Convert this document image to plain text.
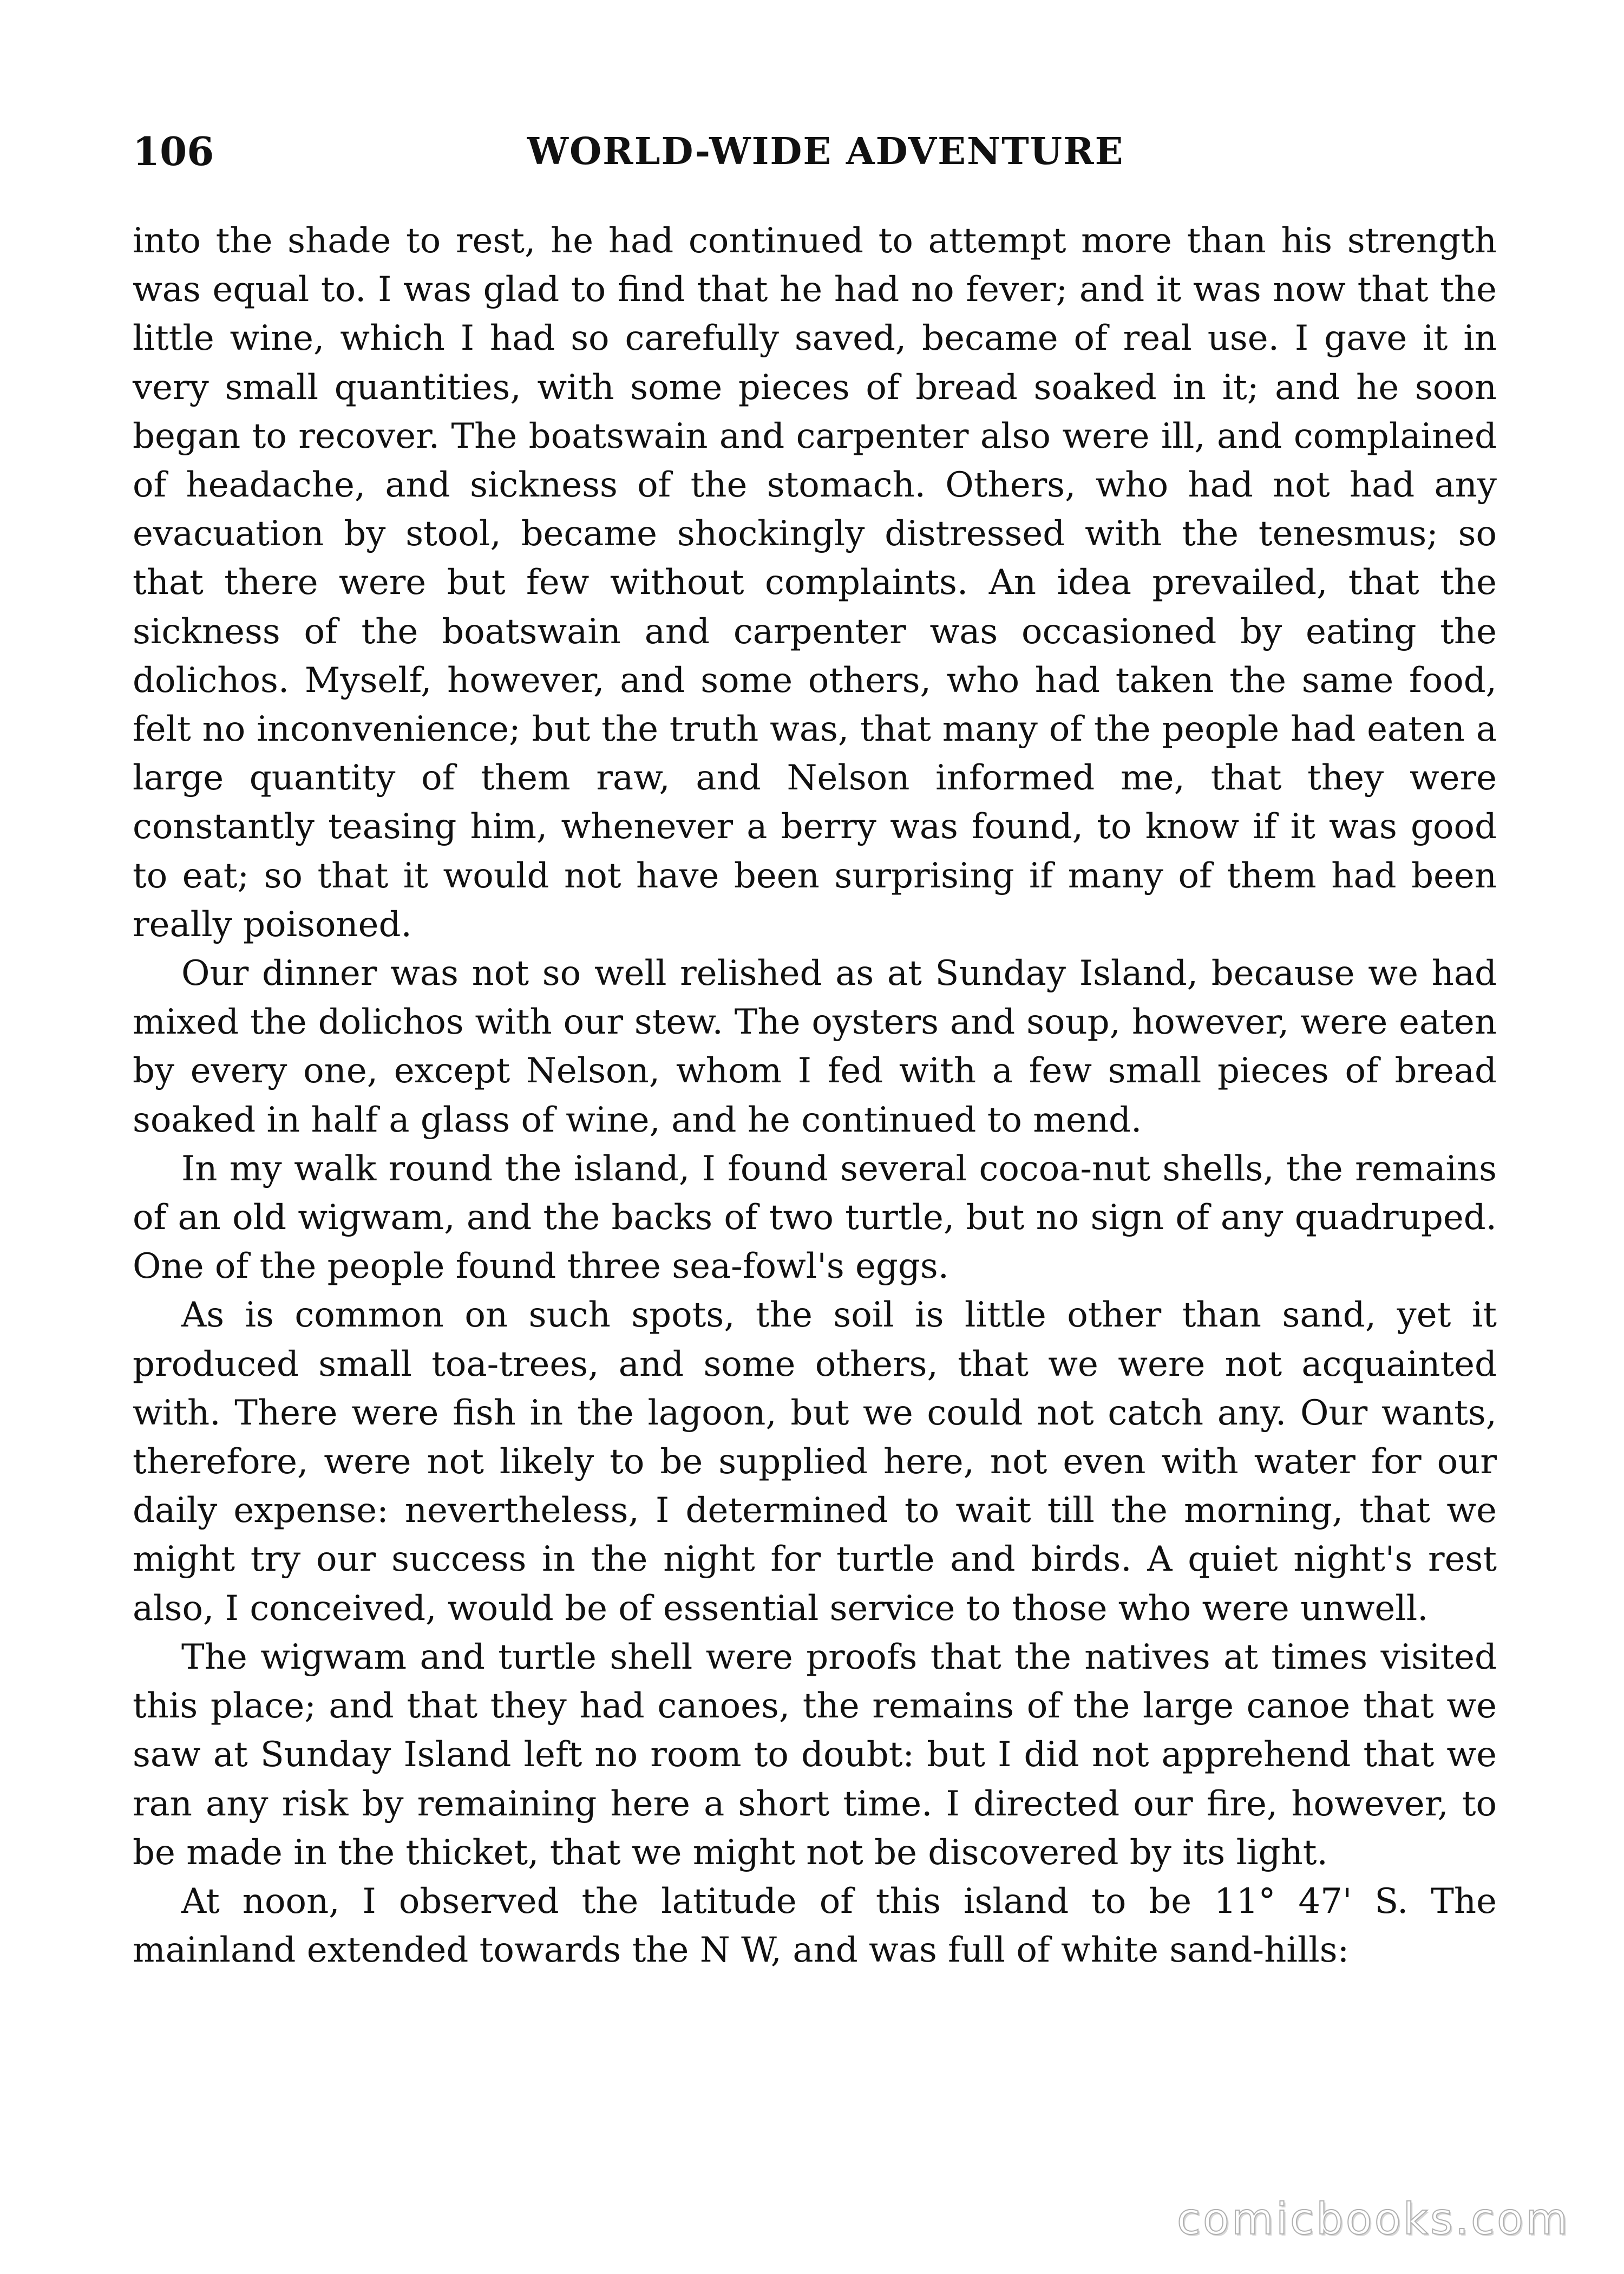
106	WORLD-WIDE ADVENTURE

into the shade to rest, he had continued to attempt more than his strength was equal to. I was glad to find that he had no fever; and it was now that the little wine, which I had so carefully saved, became of real use. I gave it in very small quantities, with some pieces of bread soaked in it; and he soon began to recover. The boatswain and carpenter also were ill, and complained of headache, and sickness of the stomach. Others, who had not had any evacuation by stool, became shockingly distressed with the tenesmus; so that there were but few without complaints. An idea prevailed, that the sickness of the boatswain and carpenter was occasioned by eating the dolichos. Myself, however, and some others, who had taken the same food, felt no inconvenience; but the truth was, that many of the people had eaten a large quantity of them raw, and Nelson informed me, that they were constantly teasing him, whenever a berry was found, to know if it was good to eat; so that it would not have been surprising if many of them had been really poisoned.

Our dinner was not so well relished as at Sunday Island, because we had mixed the dolichos with our stew. The oysters and soup, however, were eaten by every one, except Nelson, whom I fed with a few small pieces of bread soaked in half a glass of wine, and he continued to mend.

In my walk round the island, I found several cocoa-nut shells, the remains of an old wigwam, and the backs of two turtle, but no sign of any quadruped. One of the people found three sea-fowl's eggs.

As is common on such spots, the soil is little other than sand, yet it produced small toa-trees, and some others, that we were not acquainted with. There were fish in the lagoon, but we could not catch any. Our wants, therefore, were not likely to be supplied here, not even with water for our daily expense: nevertheless, I determined to wait till the morning, that we might try our success in the night for turtle and birds. A quiet night's rest also, I conceived, would be of essential service to those who were unwell.

The wigwam and turtle shell were proofs that the natives at times visited this place; and that they had canoes, the remains of the large canoe that we saw at Sunday Island left no room to doubt: but I did not apprehend that we ran any risk by remaining here a short time. I directed our fire, however, to be made in the thicket, that we might not be discovered by its light.

At noon, I observed the latitude of this island to be 11° 47' S. The mainland extended towards the N W, and was full of white sand-hills:

comicbooks.com
